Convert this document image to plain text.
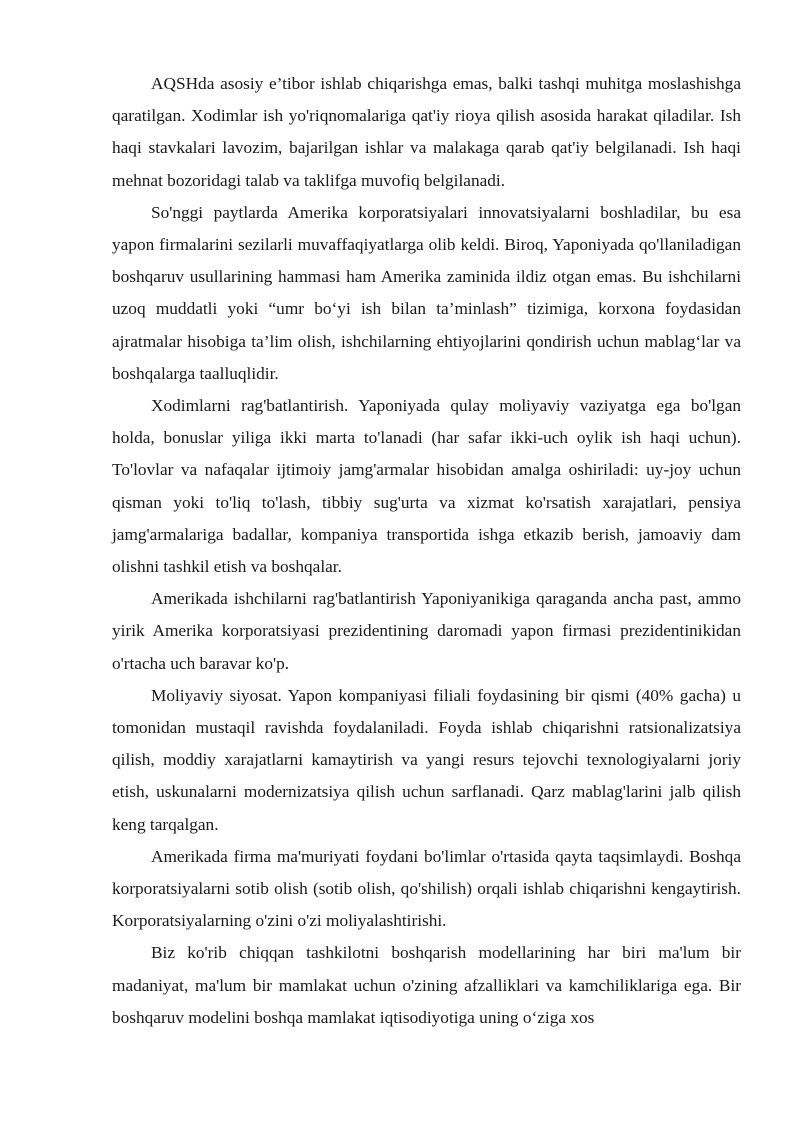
AQSHda asosiy e’tibor ishlab chiqarishga emas, balki tashqi muhitga moslashishga qaratilgan. Xodimlar ish yo'riqnomalariga qat'iy rioya qilish asosida harakat qiladilar. Ish haqi stavkalari lavozim, bajarilgan ishlar va malakaga qarab qat'iy belgilanadi. Ish haqi mehnat bozoridagi talab va taklifga muvofiq belgilanadi.

So'nggi paytlarda Amerika korporatsiyalari innovatsiyalarni boshladilar, bu esa yapon firmalarini sezilarli muvaffaqiyatlarga olib keldi. Biroq, Yaponiyada qo'llaniladigan boshqaruv usullarining hammasi ham Amerika zaminida ildiz otgan emas. Bu ishchilarni uzoq muddatli yoki “umr bo‘yi ish bilan ta’minlash” tizimiga, korxona foydasidan ajratmalar hisobiga ta’lim olish, ishchilarning ehtiyojlarini qondirish uchun mablag‘lar va boshqalarga taalluqlidir.

Xodimlarni rag'batlantirish. Yaponiyada qulay moliyaviy vaziyatga ega bo'lgan holda, bonuslar yiliga ikki marta to'lanadi (har safar ikki-uch oylik ish haqi uchun). To'lovlar va nafaqalar ijtimoiy jamg'armalar hisobidan amalga oshiriladi: uy-joy uchun qisman yoki to'liq to'lash, tibbiy sug'urta va xizmat ko'rsatish xarajatlari, pensiya jamg'armalariga badallar, kompaniya transportida ishga etkazib berish, jamoaviy dam olishni tashkil etish va boshqalar.

Amerikada ishchilarni rag'batlantirish Yaponiyanikiga qaraganda ancha past, ammo yirik Amerika korporatsiyasi prezidentining daromadi yapon firmasi prezidentinikidan o'rtacha uch baravar ko'p.

Moliyaviy siyosat. Yapon kompaniyasi filiali foydasining bir qismi (40% gacha) u tomonidan mustaqil ravishda foydalaniladi. Foyda ishlab chiqarishni ratsionalizatsiya qilish, moddiy xarajatlarni kamaytirish va yangi resurs tejovchi texnologiyalarni joriy etish, uskunalarni modernizatsiya qilish uchun sarflanadi. Qarz mablag'larini jalb qilish keng tarqalgan.

Amerikada firma ma'muriyati foydani bo'limlar o'rtasida qayta taqsimlaydi. Boshqa korporatsiyalarni sotib olish (sotib olish, qo'shilish) orqali ishlab chiqarishni kengaytirish. Korporatsiyalarning o'zini o'zi moliyalashtirishi.

Biz ko'rib chiqqan tashkilotni boshqarish modellarining har biri ma'lum bir madaniyat, ma'lum bir mamlakat uchun o'zining afzalliklari va kamchiliklariga ega. Bir boshqaruv modelini boshqa mamlakat iqtisodiyotiga uning o‘ziga xos
